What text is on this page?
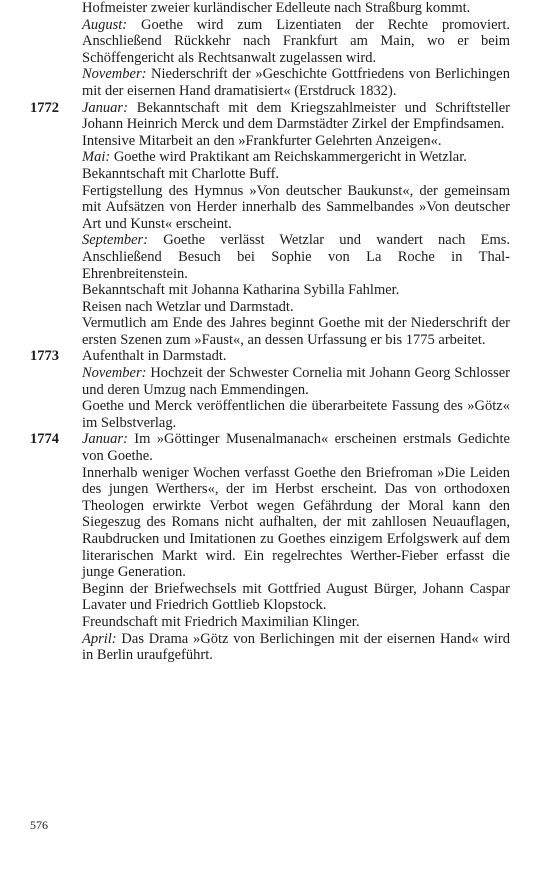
Hofmeister zweier kurländischer Edelleute nach Straßburg kommt.

August: Goethe wird zum Lizentiaten der Rechte promoviert. Anschließend Rückkehr nach Frankfurt am Main, wo er beim Schöffengericht als Rechtsanwalt zugelassen wird.

November: Niederschrift der »Geschichte Gottfriedens von Berlichingen mit der eisernen Hand dramatisiert« (Erstdruck 1832).

1772	Januar: Bekanntschaft mit dem Kriegszahlmeister und Schriftsteller Johann Heinrich Merck und dem Darmstädter Zirkel der Empfindsamen.

Intensive Mitarbeit an den »Frankfurter Gelehrten Anzeigen«.

Mai: Goethe wird Praktikant am Reichskammergericht in Wetzlar.

Bekanntschaft mit Charlotte Buff.

Fertigstellung des Hymnus »Von deutscher Baukunst«, der gemeinsam mit Aufsätzen von Herder innerhalb des Sammelbandes »Von deutscher Art und Kunst« erscheint.

September: Goethe verlässt Wetzlar und wandert nach Ems. Anschließend Besuch bei Sophie von La Roche in Thal-Ehrenbreitenstein.

Bekanntschaft mit Johanna Katharina Sybilla Fahlmer.

Reisen nach Wetzlar und Darmstadt.

Vermutlich am Ende des Jahres beginnt Goethe mit der Niederschrift der ersten Szenen zum »Faust«, an dessen Urfassung er bis 1775 arbeitet.

1773	Aufenthalt in Darmstadt.

November: Hochzeit der Schwester Cornelia mit Johann Georg Schlosser und deren Umzug nach Emmendingen.

Goethe und Merck veröffentlichen die überarbeitete Fassung des »Götz« im Selbstverlag.

1774	Januar: Im »Göttinger Musenalmanach« erscheinen erstmals Gedichte von Goethe.

Innerhalb weniger Wochen verfasst Goethe den Briefroman »Die Leiden des jungen Werthers«, der im Herbst erscheint. Das von orthodoxen Theologen erwirkte Verbot wegen Gefährdung der Moral kann den Siegeszug des Romans nicht aufhalten, der mit zahllosen Neuauflagen, Raubdrucken und Imitationen zu Goethes einzigem Erfolgswerk auf dem literarischen Markt wird. Ein regelrechtes Werther-Fieber erfasst die junge Generation.

Beginn der Briefwechsels mit Gottfried August Bürger, Johann Caspar Lavater und Friedrich Gottlieb Klopstock.

Freundschaft mit Friedrich Maximilian Klinger.

April: Das Drama »Götz von Berlichingen mit der eisernen Hand« wird in Berlin uraufgeführt.

576
